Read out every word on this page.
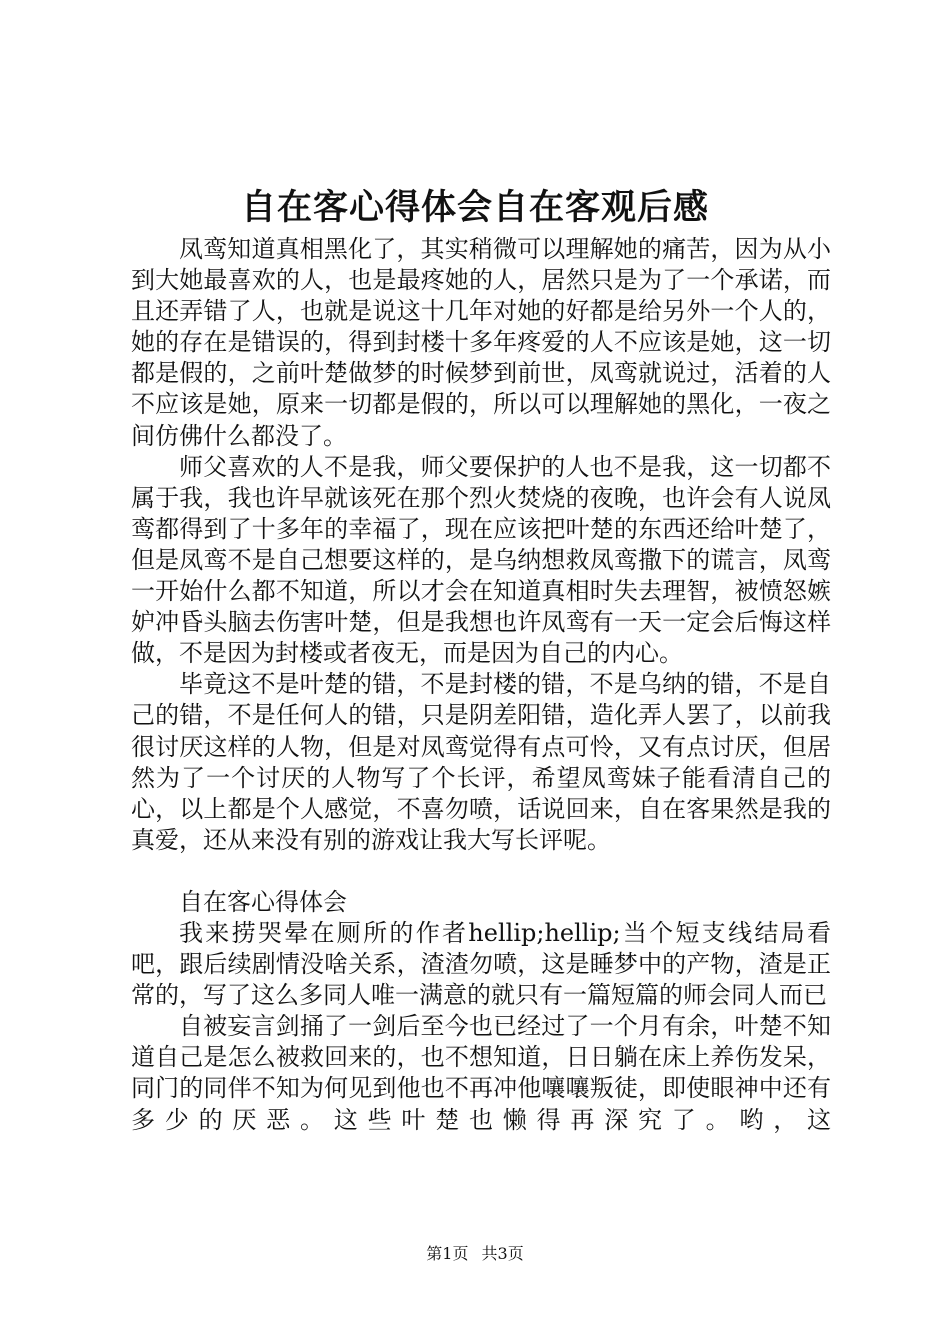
自在客心得体会自在客观后感

凤鸾知道真相黑化了，其实稍微可以理解她的痛苦，因为从小到大她最喜欢的人，也是最疼她的人，居然只是为了一个承诺，而且还弄错了人，也就是说这十几年对她的好都是给另外一个人的，她的存在是错误的，得到封楼十多年疼爱的人不应该是她，这一切都是假的，之前叶楚做梦的时候梦到前世，凤鸾就说过，活着的人不应该是她，原来一切都是假的，所以可以理解她的黑化，一夜之间仿佛什么都没了。

师父喜欢的人不是我，师父要保护的人也不是我，这一切都不属于我，我也许早就该死在那个烈火焚烧的夜晚，也许会有人说凤鸾都得到了十多年的幸福了，现在应该把叶楚的东西还给叶楚了，但是凤鸾不是自己想要这样的，是乌纳想救凤鸾撒下的谎言，凤鸾一开始什么都不知道，所以才会在知道真相时失去理智，被愤怒嫉妒冲昏头脑去伤害叶楚，但是我想也许凤鸾有一天一定会后悔这样做，不是因为封楼或者夜无，而是因为自己的内心。

毕竟这不是叶楚的错，不是封楼的错，不是乌纳的错，不是自己的错，不是任何人的错，只是阴差阳错，造化弄人罢了，以前我很讨厌这样的人物，但是对凤鸾觉得有点可怜，又有点讨厌，但居然为了一个讨厌的人物写了个长评，希望凤鸾妹子能看清自己的心，以上都是个人感觉，不喜勿喷，话说回来，自在客果然是我的真爱，还从来没有别的游戏让我大写长评呢。

自在客心得体会

我来捞哭晕在厕所的作者hellip;hellip;当个短支线结局看吧，跟后续剧情没啥关系，渣渣勿喷，这是睡梦中的产物，渣是正常的，写了这么多同人唯一满意的就只有一篇短篇的师会同人而已

自被妄言剑捅了一剑后至今也已经过了一个月有余，叶楚不知道自己是怎么被救回来的，也不想知道，日日躺在床上养伤发呆，同门的同伴不知为何见到他也不再冲他嚷嚷叛徒，即使眼神中还有多少的厌恶。这些叶楚也懒得再深究了。哟，这

第1页 共3页
